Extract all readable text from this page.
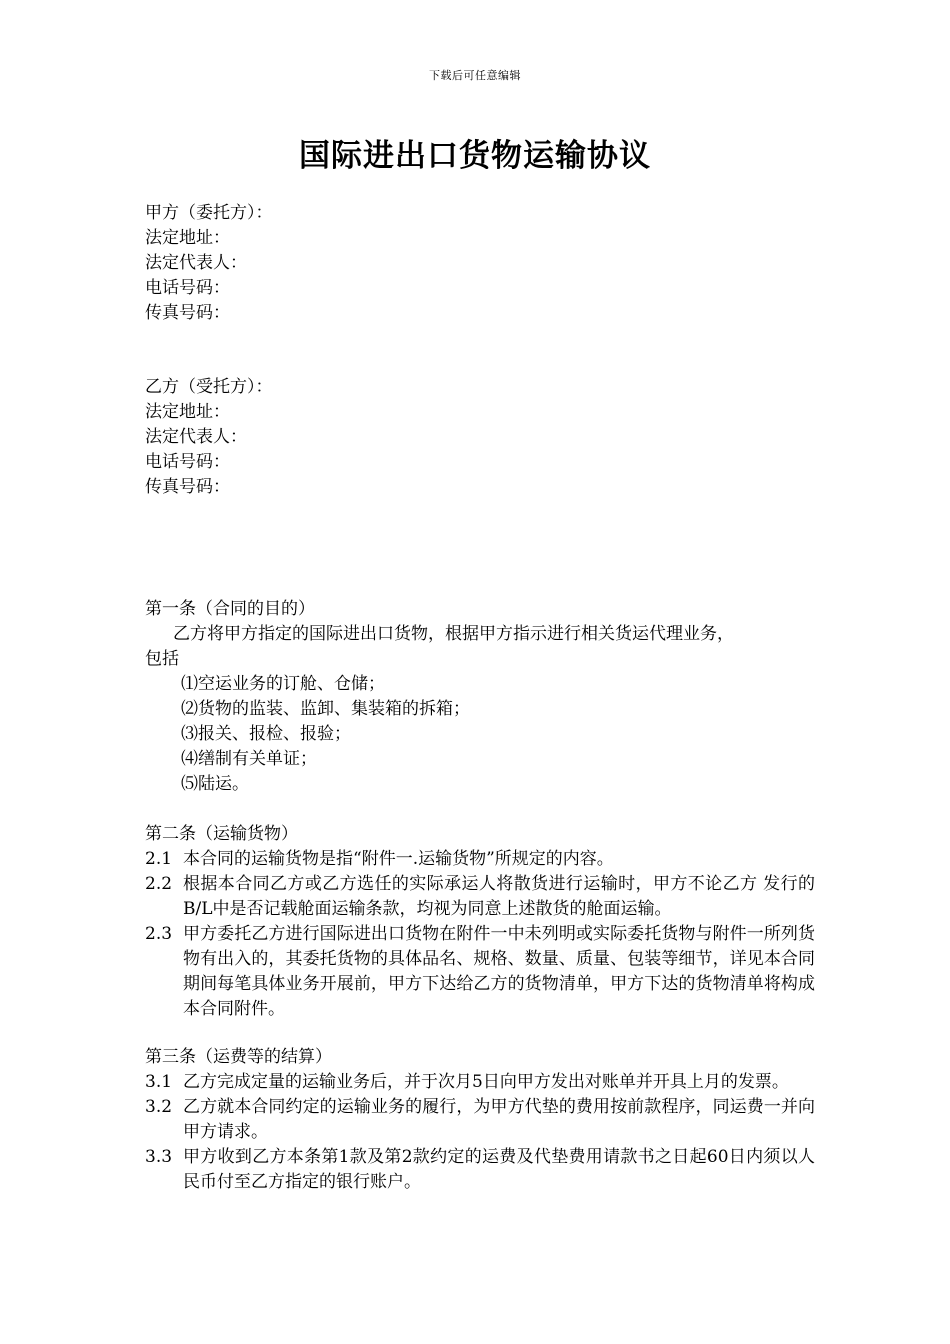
下载后可任意编辑
国际进出口货物运输协议
甲方（委托方）：
法定地址：
法定代表人：
电话号码：
传真号码：
乙方（受托方）：
法定地址：
法定代表人：
电话号码：
传真号码：
第一条（合同的目的）
乙方将甲方指定的国际进出口货物，根据甲方指示进行相关货运代理业务，
包括
⑴空运业务的订舱、仓储；
⑵货物的监装、监卸、集装箱的拆箱；
⑶报关、报检、报验；
⑷缮制有关单证；
⑸陆运。
第二条（运输货物）
2.1 本合同的运输货物是指“附件一.运输货物”所规定的内容。
2.2 根据本合同乙方或乙方选任的实际承运人将散货进行运输时，甲方不论乙方 发行的B/L中是否记载舱面运输条款，均视为同意上述散货的舱面运输。
2.3 甲方委托乙方进行国际进出口货物在附件一中未列明或实际委托货物与附件一所列货物有出入的，其委托货物的具体品名、规格、数量、质量、包装等细节，详见本合同期间每笔具体业务开展前，甲方下达给乙方的货物清单，甲方下达的货物清单将构成本合同附件。
第三条（运费等的结算）
3.1 乙方完成定量的运输业务后，并于次月5日向甲方发出对账单并开具上月的发票。
3.2 乙方就本合同约定的运输业务的履行，为甲方代垫的费用按前款程序，同运费一并向甲方请求。
3.3 甲方收到乙方本条第1款及第2款约定的运费及代垫费用请款书之日起60日内须以人民币付至乙方指定的银行账户。
